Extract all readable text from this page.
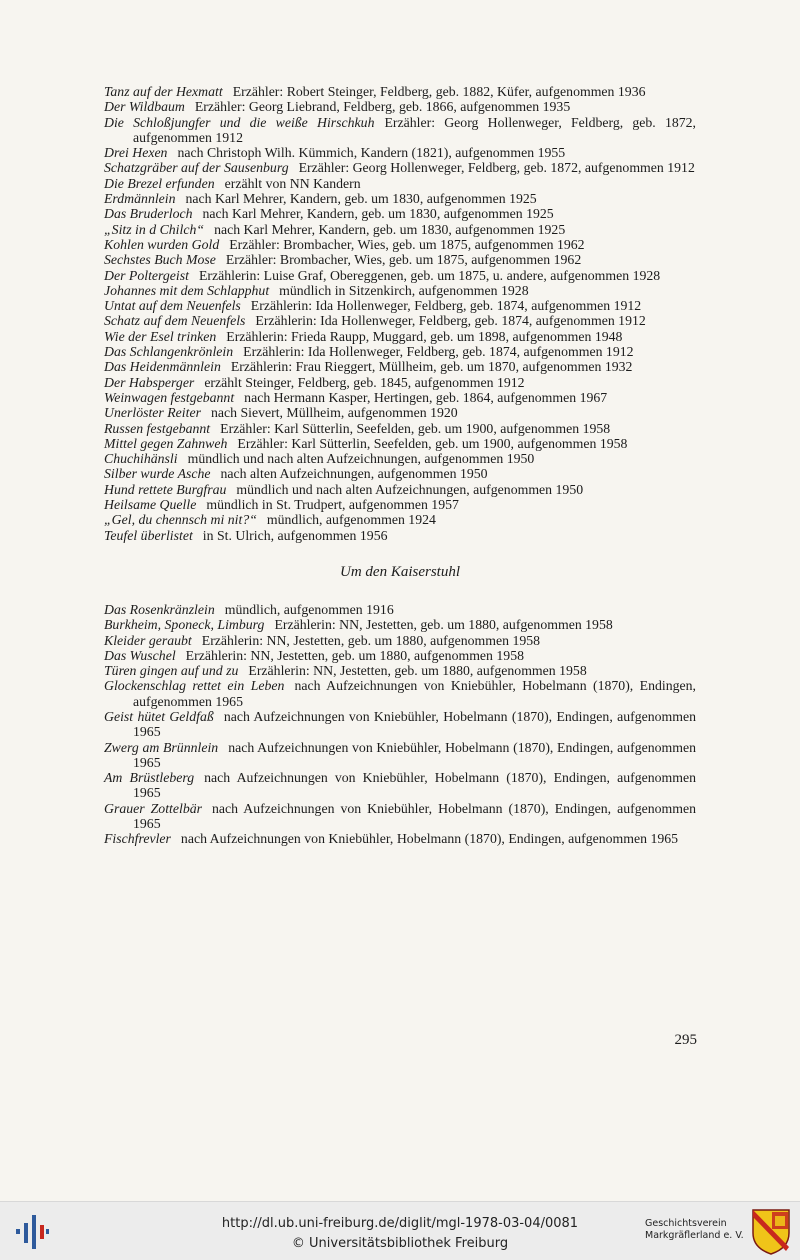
Tanz auf der Hexmatt Erzähler: Robert Steinger, Feldberg, geb. 1882, Küfer, aufgenommen 1936
Der Wildbaum Erzähler: Georg Liebrand, Feldberg, geb. 1866, aufgenommen 1935
Die Schloßjungfer und die weiße Hirschkuh Erzähler: Georg Hollenweger, Feldberg, geb. 1872, aufgenommen 1912
Drei Hexen nach Christoph Wilh. Kümmich, Kandern (1821), aufgenommen 1955
Schatzgräber auf der Sausenburg Erzähler: Georg Hollenweger, Feldberg, geb. 1872, aufgenommen 1912
Die Brezel erfunden erzählt von NN Kandern
Erdmännlein nach Karl Mehrer, Kandern, geb. um 1830, aufgenommen 1925
Das Bruderloch nach Karl Mehrer, Kandern, geb. um 1830, aufgenommen 1925
„Sitz in d Chilch“ nach Karl Mehrer, Kandern, geb. um 1830, aufgenommen 1925
Kohlen wurden Gold Erzähler: Brombacher, Wies, geb. um 1875, aufgenommen 1962
Sechstes Buch Mose Erzähler: Brombacher, Wies, geb. um 1875, aufgenommen 1962
Der Poltergeist Erzählerin: Luise Graf, Obereggenen, geb. um 1875, u. andere, aufgenommen 1928
Johannes mit dem Schlapphut mündlich in Sitzenkirch, aufgenommen 1928
Untat auf dem Neuenfels Erzählerin: Ida Hollenweger, Feldberg, geb. 1874, aufgenommen 1912
Schatz auf dem Neuenfels Erzählerin: Ida Hollenweger, Feldberg, geb. 1874, aufgenommen 1912
Wie der Esel trinken Erzählerin: Frieda Raupp, Muggard, geb. um 1898, aufgenommen 1948
Das Schlangenkrönlein Erzählerin: Ida Hollenweger, Feldberg, geb. 1874, aufgenommen 1912
Das Heidenmännlein Erzählerin: Frau Rieggert, Müllheim, geb. um 1870, aufgenommen 1932
Der Habsperger erzählt Steinger, Feldberg, geb. 1845, aufgenommen 1912
Weinwagen festgebannt nach Hermann Kasper, Hertingen, geb. 1864, aufgenommen 1967
Unerlöster Reiter nach Sievert, Müllheim, aufgenommen 1920
Russen festgebannt Erzähler: Karl Sütterlin, Seefelden, geb. um 1900, aufgenommen 1958
Mittel gegen Zahnweh Erzähler: Karl Sütterlin, Seefelden, geb. um 1900, aufgenommen 1958
Chuchihänsli mündlich und nach alten Aufzeichnungen, aufgenommen 1950
Silber wurde Asche nach alten Aufzeichnungen, aufgenommen 1950
Hund rettete Burgfrau mündlich und nach alten Aufzeichnungen, aufgenommen 1950
Heilsame Quelle mündlich in St. Trudpert, aufgenommen 1957
„Gel, du chennsch mi nit?“ mündlich, aufgenommen 1924
Teufel überlistet in St. Ulrich, aufgenommen 1956
Um den Kaiserstuhl
Das Rosenkränzlein mündlich, aufgenommen 1916
Burkheim, Sponeck, Limburg Erzählerin: NN, Jestetten, geb. um 1880, aufgenommen 1958
Kleider geraubt Erzählerin: NN, Jestetten, geb. um 1880, aufgenommen 1958
Das Wuschel Erzählerin: NN, Jestetten, geb. um 1880, aufgenommen 1958
Türen gingen auf und zu Erzählerin: NN, Jestetten, geb. um 1880, aufgenommen 1958
Glockenschlag rettet ein Leben nach Aufzeichnungen von Kniebühler, Hobelmann (1870), Endingen, aufgenommen 1965
Geist hütet Geldfaß nach Aufzeichnungen von Kniebühler, Hobelmann (1870), Endingen, aufgenommen 1965
Zwerg am Brünnlein nach Aufzeichnungen von Kniebühler, Hobelmann (1870), Endingen, aufgenommen 1965
Am Brüstleberg nach Aufzeichnungen von Kniebühler, Hobelmann (1870), Endingen, aufgenommen 1965
Grauer Zottelbär nach Aufzeichnungen von Kniebühler, Hobelmann (1870), Endingen, aufgenommen 1965
Fischfrevler nach Aufzeichnungen von Kniebühler, Hobelmann (1870), Endingen, aufgenommen 1965
295
http://dl.ub.uni-freiburg.de/diglit/mgl-1978-03-04/0081
© Universitätsbibliothek Freiburg
Geschichtsverein
Markgräflerland e. V.
